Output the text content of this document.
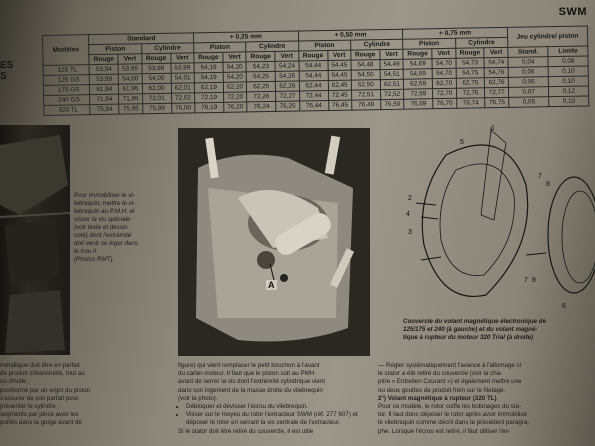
SWM
ES
S
Modèles	Standard				+ 0,25 mm				+ 0,50 mm				+ 0,75 mm				Jeu cylindre/ piston	
	Piston		Cylindre		Piston		Cylindre		Piston		Cylindre		Piston		Cylindre			
	Rouge	Vert	Rouge	Vert	Rouge	Vert	Rouge	Vert	Rouge	Vert	Rouge	Vert	Rouge	Vert	Rouge	Vert	Stand.	Limite
125 TL	53,94	53,95	53,98	53,99	54,19	54,20	54,23	54,24	54,44	54,45	54,48	54,49	54,69	54,70	54,73	54,74	0,04	0,08
125 GS	53,99	54,00	54,00	54,01	54,19	54,20	54,25	54,26	54,44	54,45	54,50	54,51	54,69	54,70	54,75	54,76	0,06	0,10
175 GS	61,94	61,95	62,00	62,01	62,19	62,20	62,25	62,26	62,44	62,45	62,50	62,51	62,69	62,70	62,75	62,76	0,06	0,10
240 GS	71,94	71,95	72,01	72,02	72,19	72,20	72,26	72,27	72,44	72,45	72,51	72,52	72,69	72,70	72,76	72,77	0,07	0,12
320 TL	75,94	75,95	75,99	76,00	76,19	76,20	76,24	76,25	76,44	76,45	76,49	76,50	76,69	76,70	76,74	76,75	0,05	0,10
Pour immobiliser le vi-
lebrequin, mettre le vi-
lebrequin au P.M.H. et
visser la vis spéciale
(voir texte et dessin
coté) dont l'extrémité
doit venir se loger dans
le trou A
(Photos RMT)
A
1
5
2
3
4
7
8
7 8
6
Couvercle du volant magnétique électronique de
125/175 et 240 (à gauche) et du volant magné-
tique à rupteur du moteur 320 Trial (à droite)
métallique doit être en parfait
de produit d'étanchéité, tout au
ou d'huile ;
positionné par un ergot du piston
s'assurer de son parfait posi-
présenter le cylindre ;
segments par pincé avec les
portés dans la gorge avant de
figure) qui vient remplacer le petit bouchon à l'avant
du carter-moteur. Il faut que le piston soit au PMH
avant de serrer la vis dont l'extrémité cylindrique vient
dans son logement de la masse droite du vilebrequin
(voir la photo).
• Débloquer et dévisser l'écrou du vilebrequin.
• Visser sur le moyeu du rotor l'extracteur SWM (réf. 277 607) et déposer le rotor en serrant la vis centrale de l'extracteur.
Si le stator doit être retiré du couvercle, il est utile
— Régler systématiquement l'avance à l'allumage si
le stator a été retiré du couvercle (voir la cha-
pitre « Entretien Courant ») et également mettre une
ou deux gouttes de produit frein sur le filetage.
2°) Volant magnétique à rupteur (320 TL)
Pour ce modèle, le rotor coiffe les bobinages du sta-
tor. Il faut donc déposer le rotor après avoir immobilisé
le vilebrequin comme décrit dans le précédent paragra-
phe. Lorsque l'écrou est retiré, il faut utiliser l'ex-
